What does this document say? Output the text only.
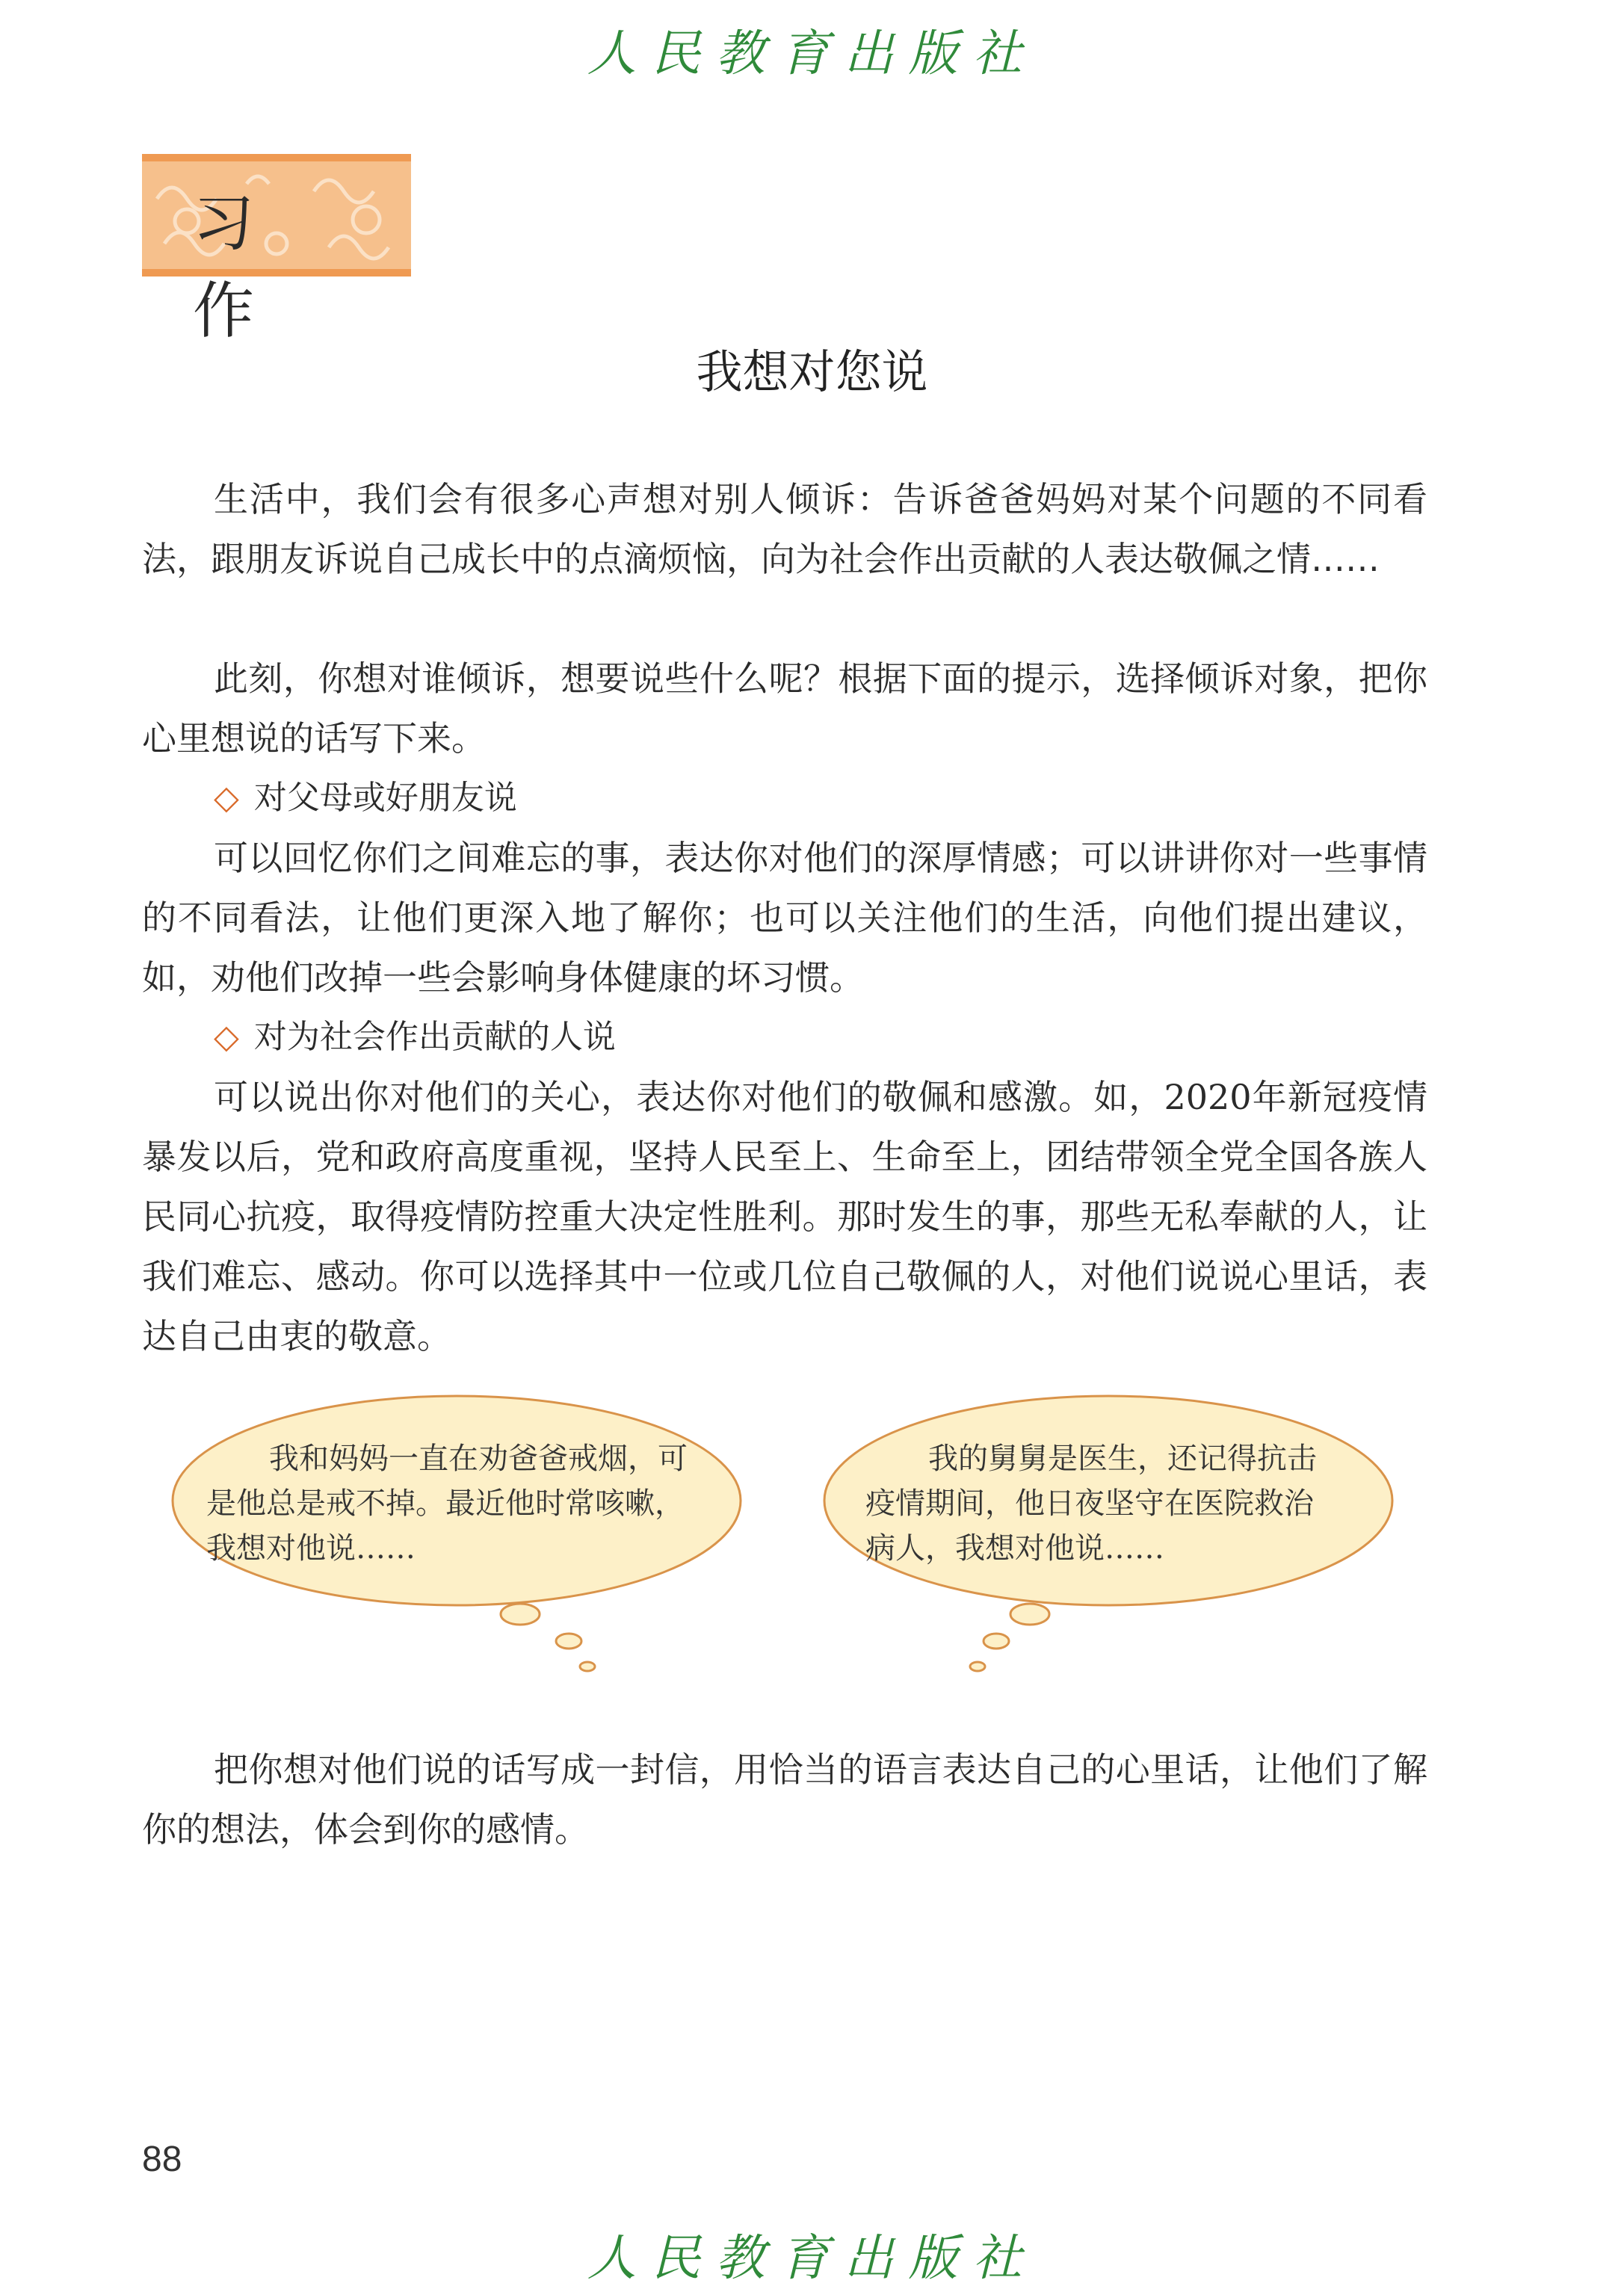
人民教育出版社
习作
我想对您说

生活中，我们会有很多心声想对别人倾诉：告诉爸爸妈妈对某个问题的不同看法，跟朋友诉说自己成长中的点滴烦恼，向为社会作出贡献的人表达敬佩之情……

此刻，你想对谁倾诉，想要说些什么呢？根据下面的提示，选择倾诉对象，把你心里想说的话写下来。

◇ 对父母或好朋友说

可以回忆你们之间难忘的事，表达你对他们的深厚情感；可以讲讲你对一些事情的不同看法，让他们更深入地了解你；也可以关注他们的生活，向他们提出建议，如，劝他们改掉一些会影响身体健康的坏习惯。

◇ 对为社会作出贡献的人说

可以说出你对他们的关心，表达你对他们的敬佩和感激。如，2020年新冠疫情暴发以后，党和政府高度重视，坚持人民至上、生命至上，团结带领全党全国各族人民同心抗疫，取得疫情防控重大决定性胜利。那时发生的事，那些无私奉献的人，让我们难忘、感动。你可以选择其中一位或几位自己敬佩的人，对他们说说心里话，表达自己由衷的敬意。

我和妈妈一直在劝爸爸戒烟，可是他总是戒不掉。最近他时常咳嗽，我想对他说……
我的舅舅是医生，还记得抗击疫情期间，他日夜坚守在医院救治病人，我想对他说……

把你想对他们说的话写成一封信，用恰当的语言表达自己的心里话，让他们了解你的想法，体会到你的感情。

88
人民教育出版社
